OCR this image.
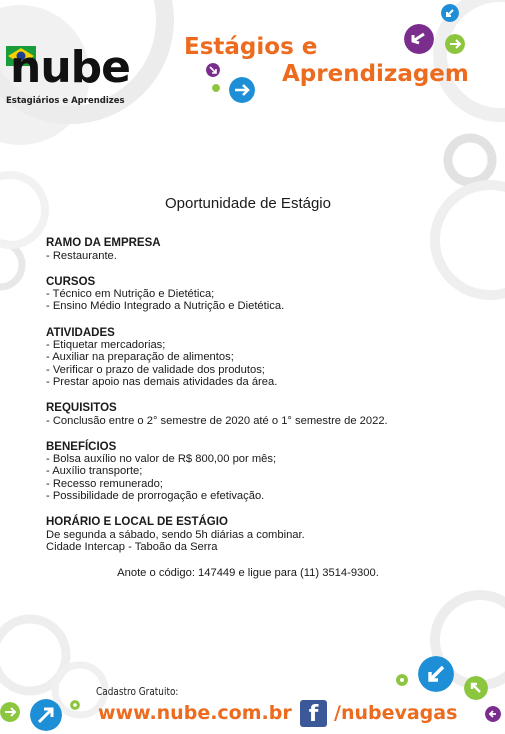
nube
Estagiários e Aprendizes
Estágios e
Aprendizagem
Oportunidade de Estágio
RAMO DA EMPRESA
- Restaurante.
CURSOS
- Técnico em Nutrição e Dietética;
- Ensino Médio Integrado a Nutrição e Dietética.
ATIVIDADES
- Etiquetar mercadorias;
- Auxiliar na preparação de alimentos;
- Verificar o prazo de validade dos produtos;
- Prestar apoio nas demais atividades da área.
REQUISITOS
- Conclusão entre o 2° semestre de 2020 até o 1° semestre de 2022.
BENEFÍCIOS
- Bolsa auxílio no valor de R$ 800,00 por mês;
- Auxílio transporte;
- Recesso remunerado;
- Possibilidade de prorrogação e efetivação.
HORÁRIO E LOCAL DE ESTÁGIO
De segunda a sábado, sendo 5h diárias a combinar.
Cidade Intercap - Taboão da Serra
Anote o código: 147449 e ligue para (11) 3514-9300.
Cadastro Gratuito:
www.nube.com.br f /nubevagas
